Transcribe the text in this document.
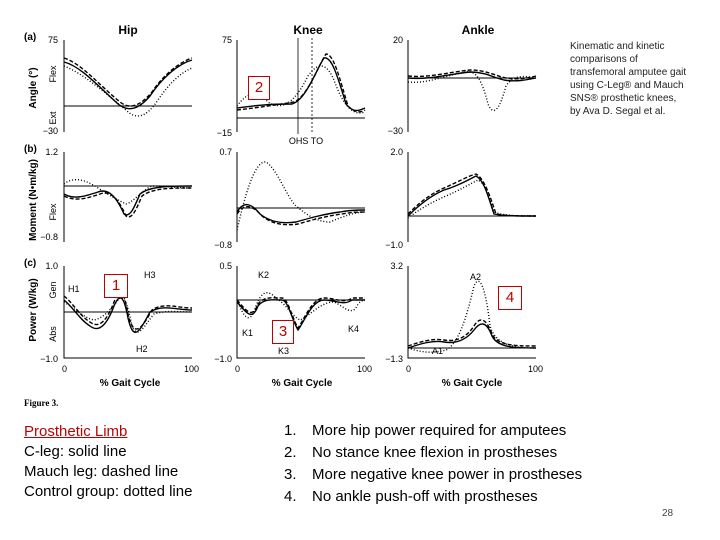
Hip	Knee	Ankle
(a)
(b)
(c)
Angle (°) Flex
Ext
Moment (N•m/kg) Flex
Power (W/kg) Gen
Abs
75
−30
75
−15
20
−30
1.2
−0.8
0.7
−0.8
2.0
−1.0
1.0
−1.0
0.5
−1.0
3.2
−1.3
OHS TO
0	100	0	100	0	100
% Gait Cycle	% Gait Cycle	% Gait Cycle
H1
H2
H3
K1
K2
K3
K4
A1
A2
Figure 3.
2
1
4
3
Kinematic and kinetic comparisons of transfemoral amputee gait using C-Leg® and Mauch SNS® prosthetic knees, by Ava D. Segal et al.
Prosthetic Limb
C-leg: solid line
Mauch leg: dashed line
Control group: dotted line
1. More hip power required for amputees
2. No stance knee flexion in prostheses
3. More negative knee power in prostheses
4. No ankle push-off with prostheses
28
